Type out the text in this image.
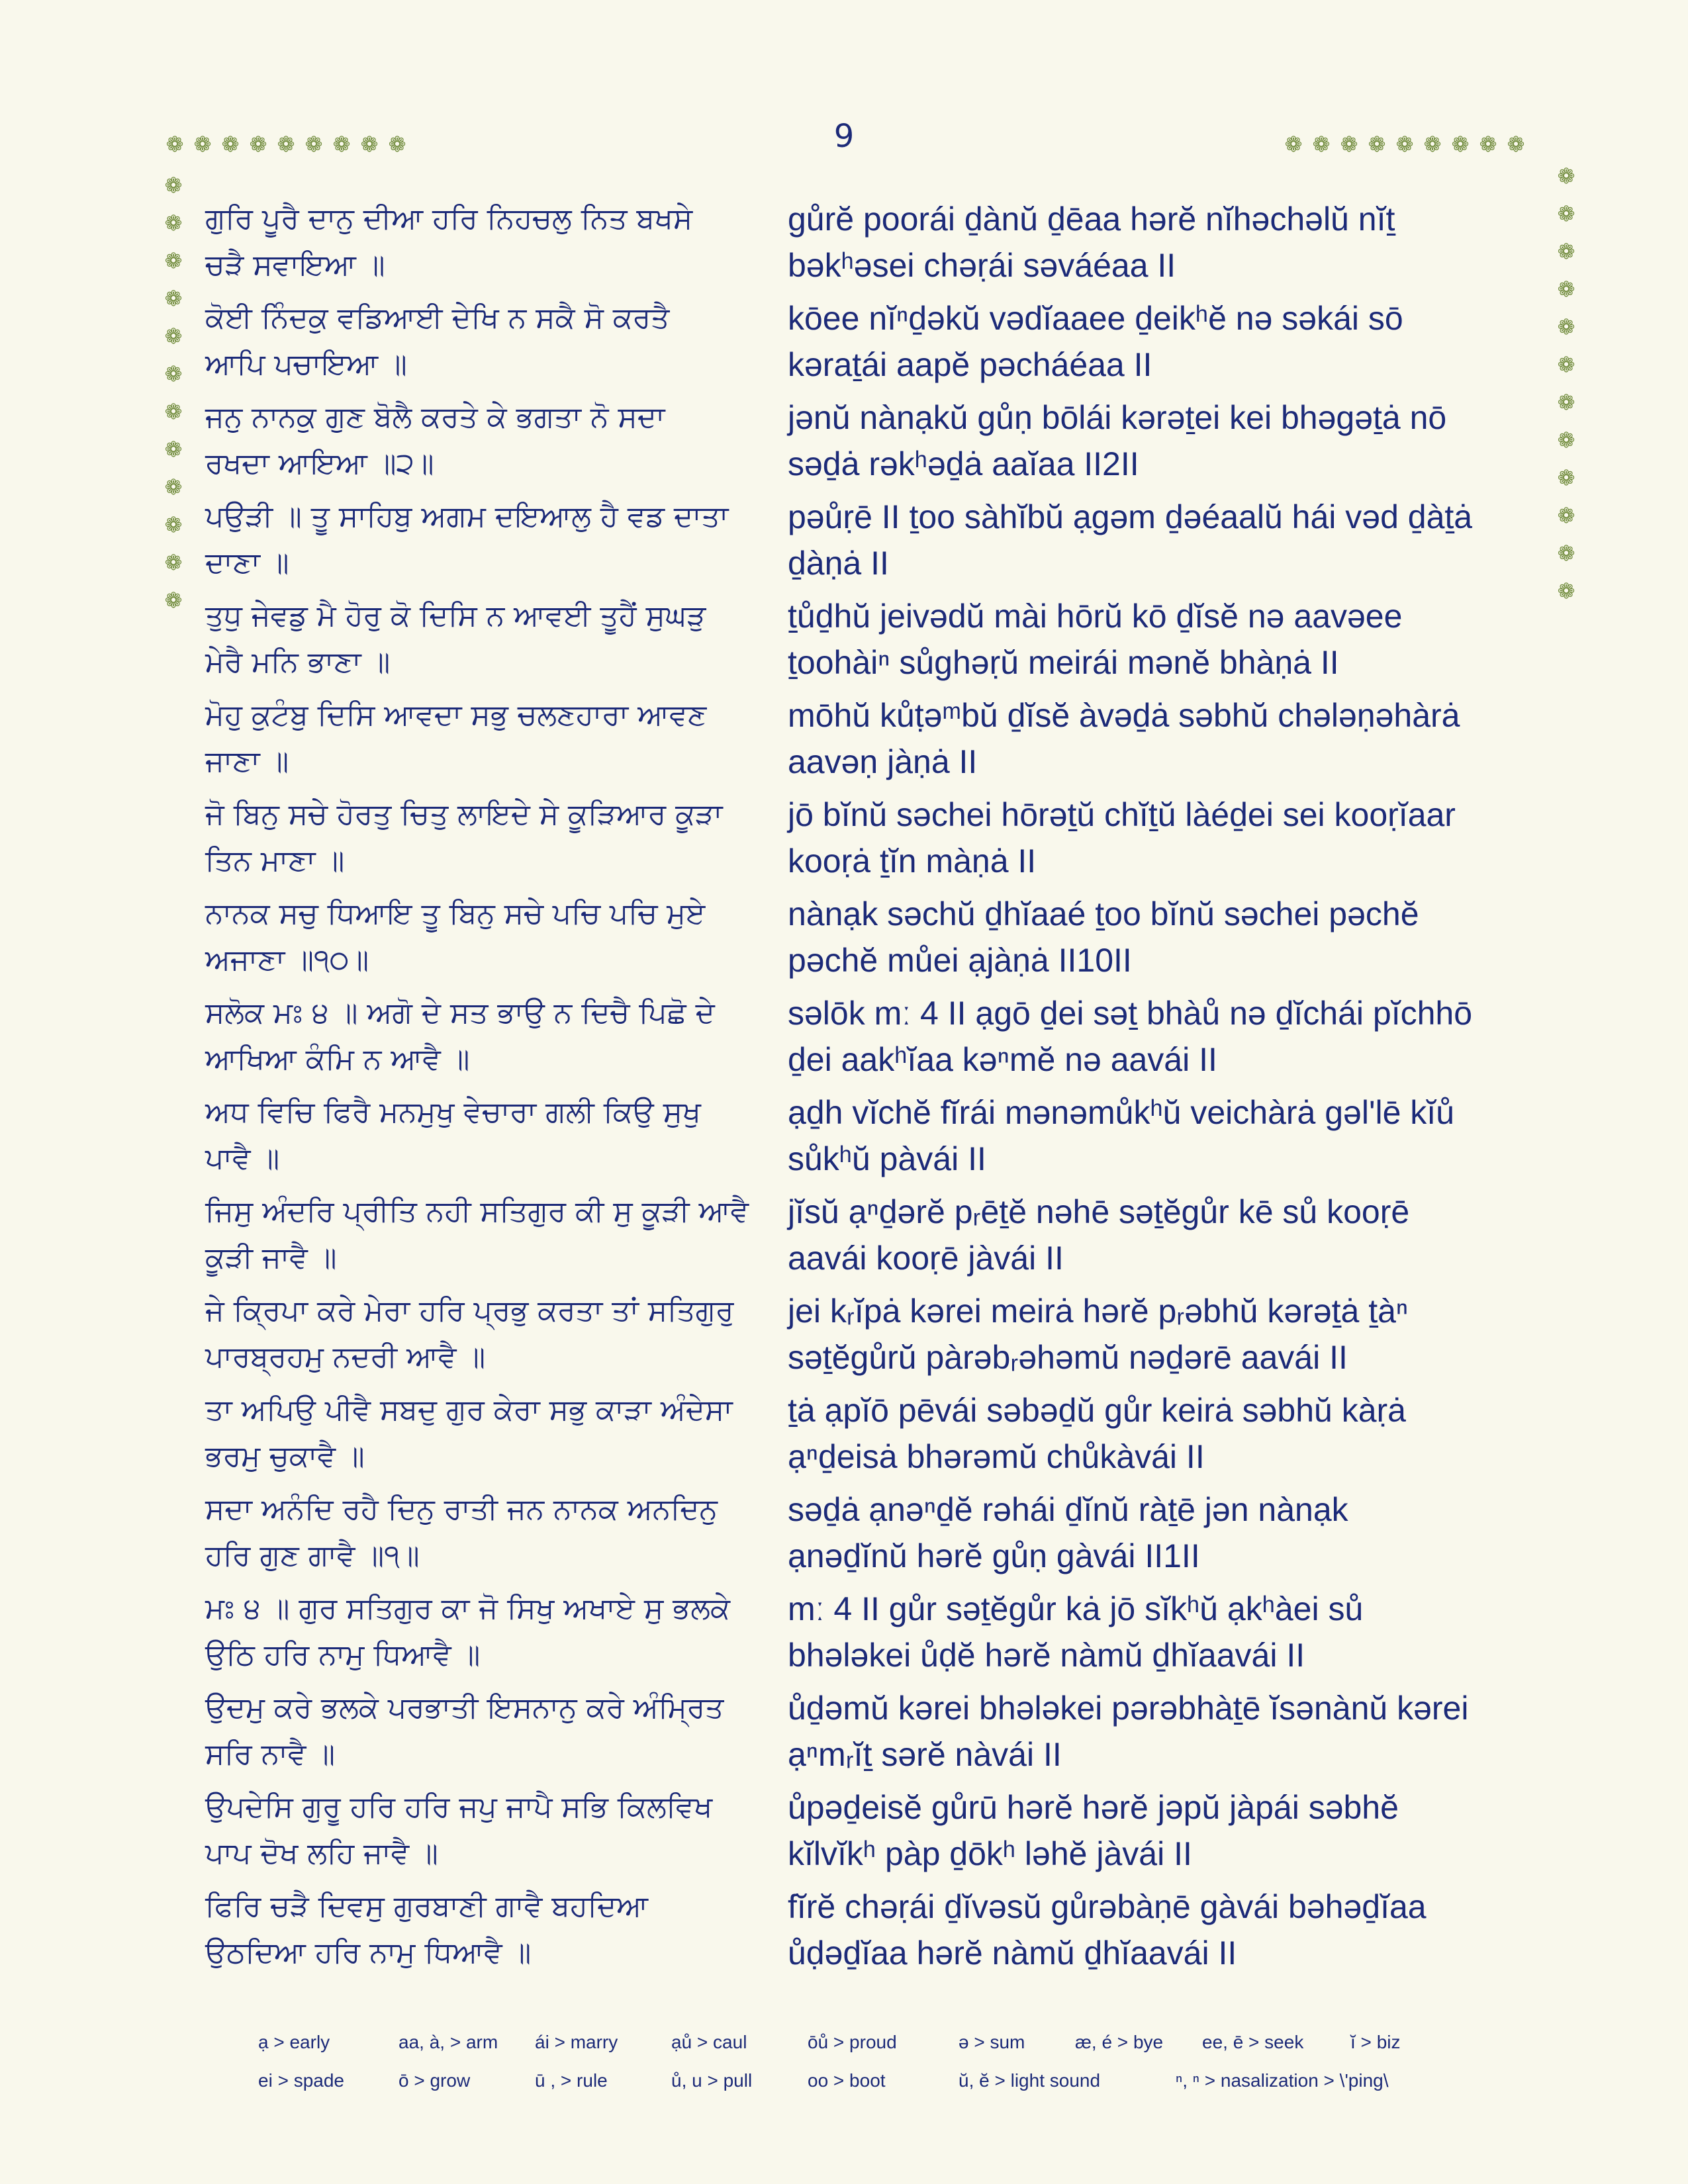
9
❁ ❁ ❁ ❁ ❁ ❁ ❁ ❁ ❁	❁ ❁ ❁ ❁ ❁ ❁ ❁ ❁ ❁
❁
❁
❁
❁
❁
❁
❁
❁
❁
❁
❁
❁
❁
❁
❁
❁
❁
❁
❁
❁
❁
❁
❁
❁
ਗੁਰਿ ਪੂਰੈ ਦਾਨੁ ਦੀਆ ਹਰਿ ਨਿਹਚਲੁ ਨਿਤ ਬਖਸੇ
ਚੜੈ ਸਵਾਇਆ ॥
gůrĕ poorái ḏànŭ ḏēaa hərĕ nĭhəchəlŭ nĭṯ
bəkʰəsei chəṛái səváéaa II
ਕੋਈ ਨਿੰਦਕੁ ਵਡਿਆਈ ਦੇਖਿ ਨ ਸਕੈ ਸੋ ਕਰਤੈ
ਆਪਿ ਪਚਾਇਆ ॥
kōee nĭⁿḏəkŭ vədĭaaee ḏeikʰĕ nə səkái sō
kəraṯái aapĕ pəcháéaa II
ਜਨੁ ਨਾਨਕੁ ਗੁਣ ਬੋਲੈ ਕਰਤੇ ਕੇ ਭਗਤਾ ਨੋ ਸਦਾ
ਰਖਦਾ ਆਇਆ ॥੨॥
jənŭ nànạkŭ gůṇ bōlái kərəṯei kei bhəgəṯȧ nō
səḏȧ rəkʰəḏȧ aaĭaa II2II
ਪਉੜੀ ॥ ਤੂ ਸਾਹਿਬੁ ਅਗਮ ਦਇਆਲੁ ਹੈ ਵਡ ਦਾਤਾ
ਦਾਣਾ ॥
pəůṛē II ṯoo sàhĭbŭ ạgəm ḏəéaalŭ hái vəd ḏàṯȧ
ḏàṇȧ II
ਤੁਧੁ ਜੇਵਡੁ ਮੈ ਹੋਰੁ ਕੋ ਦਿਸਿ ਨ ਆਵਈ ਤੂਹੈਂ ਸੁਘੜੁ
ਮੇਰੈ ਮਨਿ ਭਾਣਾ ॥
ṯůḏhŭ jeivədŭ mài hōrŭ kō ḏĭsĕ nə aavəee
ṯoohàiⁿ sůghəṛŭ meirái mənĕ bhàṇȧ II
ਮੋਹੁ ਕੁਟੰਬੁ ਦਿਸਿ ਆਵਦਾ ਸਭੁ ਚਲਣਹਾਰਾ ਆਵਣ
ਜਾਣਾ ॥
mōhŭ kůṭəᵐbŭ ḏĭsĕ àvəḏȧ səbhŭ chələṇəhàrȧ
aavəṇ jàṇȧ II
ਜੋ ਬਿਨੁ ਸਚੇ ਹੋਰਤੁ ਚਿਤੁ ਲਾਇਦੇ ਸੇ ਕੂੜਿਆਰ ਕੂੜਾ
ਤਿਨ ਮਾਣਾ ॥
jō bĭnŭ səchei hōrəṯŭ chĭṯŭ làéḏei sei kooṛĭaar
kooṛȧ ṯĭn màṇȧ II
ਨਾਨਕ ਸਚੁ ਧਿਆਇ ਤੂ ਬਿਨੁ ਸਚੇ ਪਚਿ ਪਚਿ ਮੁਏ
ਅਜਾਣਾ ॥੧੦॥
nànạk səchŭ ḏhĭaaé ṯoo bĭnŭ səchei pəchĕ
pəchĕ můei ạjàṇȧ II10II
ਸਲੋਕ ਮਃ ੪ ॥ ਅਗੋ ਦੇ ਸਤ ਭਾਉ ਨ ਦਿਚੈ ਪਿਛੋ ਦੇ
ਆਖਿਆ ਕੰਮਿ ਨ ਆਵੈ ॥
səlōk mː 4 II ạgō ḏei səṯ bhàů nə ḏĭchái pĭchhō
ḏei aakʰĭaa kəⁿmĕ nə aavái II
ਅਧ ਵਿਚਿ ਫਿਰੈ ਮਨਮੁਖੁ ਵੇਚਾਰਾ ਗਲੀ ਕਿਉ ਸੁਖੁ
ਪਾਵੈ ॥
ạḏh vĭchĕ fĭrái mənəmůkʰŭ veichàrȧ gəl'lē kĭů
sůkʰŭ pàvái II
ਜਿਸੁ ਅੰਦਰਿ ਪ੍ਰੀਤਿ ਨਹੀ ਸਤਿਗੁਰ ਕੀ ਸੁ ਕੂੜੀ ਆਵੈ
ਕੂੜੀ ਜਾਵੈ ॥
jĭsŭ ạⁿḏərĕ pᵣēṯĕ nəhē səṯĕgůr kē sů kooṛē
aavái kooṛē jàvái II
ਜੇ ਕ੍ਰਿਪਾ ਕਰੇ ਮੇਰਾ ਹਰਿ ਪ੍ਰਭੁ ਕਰਤਾ ਤਾਂ ਸਤਿਗੁਰੁ
ਪਾਰਬ੍ਰਹਮੁ ਨਦਰੀ ਆਵੈ ॥
jei kᵣĭpȧ kərei meirȧ hərĕ pᵣəbhŭ kərəṯȧ ṯàⁿ
səṯĕgůrŭ pàrəbᵣəhəmŭ nəḏərē aavái II
ਤਾ ਅਪਿਉ ਪੀਵੈ ਸਬਦੁ ਗੁਰ ਕੇਰਾ ਸਭੁ ਕਾੜਾ ਅੰਦੇਸਾ
ਭਰਮੁ ਚੁਕਾਵੈ ॥
ṯȧ ạpĭō pēvái səbəḏŭ gůr keirȧ səbhŭ kàṛȧ
ạⁿḏeisȧ bhərəmŭ chůkàvái II
ਸਦਾ ਅਨੰਦਿ ਰਹੈ ਦਿਨੁ ਰਾਤੀ ਜਨ ਨਾਨਕ ਅਨਦਿਨੁ
ਹਰਿ ਗੁਣ ਗਾਵੈ ॥੧॥
səḏȧ ạnəⁿḏĕ rəhái ḏĭnŭ ràṯē jən nànạk
ạnəḏĭnŭ hərĕ gůṇ gàvái II1II
ਮਃ ੪ ॥ ਗੁਰ ਸਤਿਗੁਰ ਕਾ ਜੋ ਸਿਖੁ ਅਖਾਏ ਸੁ ਭਲਕੇ
ਉਠਿ ਹਰਿ ਨਾਮੁ ਧਿਆਵੈ ॥
mː 4 II gůr səṯĕgůr kȧ jō sĭkʰŭ ạkʰàei sů
bhələkei ůḍĕ hərĕ nàmŭ ḏhĭaavái II
ਉਦਮੁ ਕਰੇ ਭਲਕੇ ਪਰਭਾਤੀ ਇਸਨਾਨੁ ਕਰੇ ਅੰਮ੍ਰਿਤ
ਸਰਿ ਨਾਵੈ ॥
ůḏəmŭ kərei bhələkei pərəbhàṯē ĭsənànŭ kərei
ạⁿmᵣĭṯ sərĕ nàvái II
ਉਪਦੇਸਿ ਗੁਰੂ ਹਰਿ ਹਰਿ ਜਪੁ ਜਾਪੈ ਸਭਿ ਕਿਲਵਿਖ
ਪਾਪ ਦੋਖ ਲਹਿ ਜਾਵੈ ॥
ůpəḏeisĕ gůrū hərĕ hərĕ jəpŭ jàpái səbhĕ
kĭlvĭkʰ pàp ḏōkʰ ləhĕ jàvái II
ਫਿਰਿ ਚੜੈ ਦਿਵਸੁ ਗੁਰਬਾਣੀ ਗਾਵੈ ਬਹਦਿਆ
ਉਠਦਿਆ ਹਰਿ ਨਾਮੁ ਧਿਆਵੈ ॥
fĭrĕ chəṛái ḏĭvəsŭ gůrəbàṇē gàvái bəhəḏĭaa
ůḍəḏĭaa hərĕ nàmŭ ḏhĭaavái II
ạ > early	aa, à, > arm	ái > marry	ạů > caul	ōů > proud	ə > sum	æ, é > bye	ee, ē > seek	ĭ > biz
ei > spade	ō > grow	ū , > rule	ů, u > pull	oo > boot	ŭ, ĕ > light sound	ⁿ, ⁿ > nasalization > \'ping\
